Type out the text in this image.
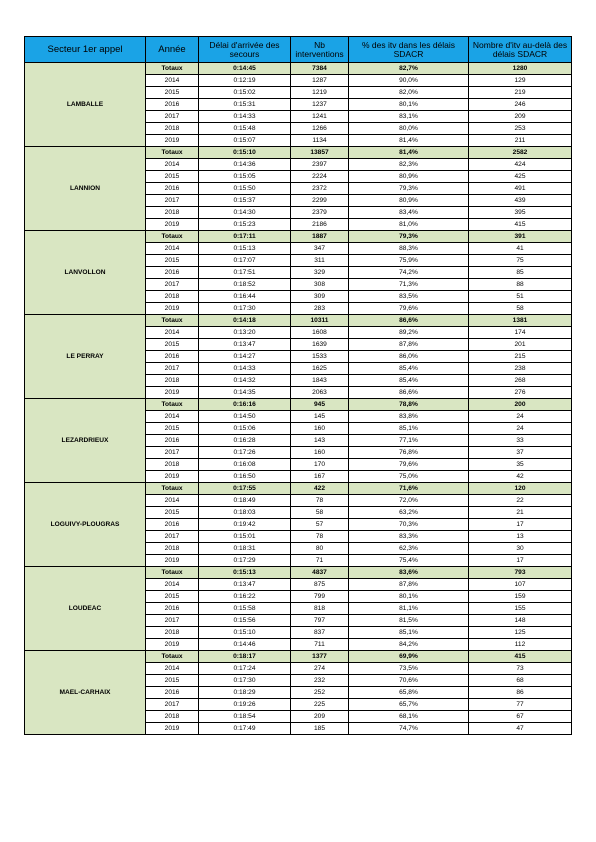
Secteur 1er appel	Année	Délai d'arrivée des secours	Nb interventions	% des itv dans les délais SDACR	Nombre d'itv au-delà des délais SDACR
LAMBALLE	Totaux	0:14:45	7384	82,7%	1280
	2014	0:12:19	1287	90,0%	129
	2015	0:15:02	1219	82,0%	219
	2016	0:15:31	1237	80,1%	246
	2017	0:14:33	1241	83,1%	209
	2018	0:15:48	1266	80,0%	253
	2019	0:15:07	1134	81,4%	211
LANNION	Totaux	0:15:10	13857	81,4%	2582
	2014	0:14:36	2397	82,3%	424
	2015	0:15:05	2224	80,9%	425
	2016	0:15:50	2372	79,3%	491
	2017	0:15:37	2299	80,9%	439
	2018	0:14:30	2379	83,4%	395
	2019	0:15:23	2186	81,0%	415
LANVOLLON	Totaux	0:17:11	1887	79,3%	391
	2014	0:15:13	347	88,3%	41
	2015	0:17:07	311	75,9%	75
	2016	0:17:51	329	74,2%	85
	2017	0:18:52	308	71,3%	88
	2018	0:16:44	309	83,5%	51
	2019	0:17:30	283	79,6%	58
LE PERRAY	Totaux	0:14:18	10311	86,6%	1381
	2014	0:13:20	1608	89,2%	174
	2015	0:13:47	1639	87,8%	201
	2016	0:14:27	1533	86,0%	215
	2017	0:14:33	1625	85,4%	238
	2018	0:14:32	1843	85,4%	268
	2019	0:14:35	2063	86,6%	276
LEZARDRIEUX	Totaux	0:16:16	945	78,8%	200
	2014	0:14:50	145	83,8%	24
	2015	0:15:06	160	85,1%	24
	2016	0:16:28	143	77,1%	33
	2017	0:17:26	160	76,8%	37
	2018	0:16:08	170	79,6%	35
	2019	0:16:50	167	75,0%	42
LOGUIVY-PLOUGRAS	Totaux	0:17:55	422	71,6%	120
	2014	0:18:49	78	72,0%	22
	2015	0:18:03	58	63,2%	21
	2016	0:19:42	57	70,3%	17
	2017	0:15:01	78	83,3%	13
	2018	0:18:31	80	62,3%	30
	2019	0:17:29	71	75,4%	17
LOUDEAC	Totaux	0:15:13	4837	83,6%	793
	2014	0:13:47	875	87,8%	107
	2015	0:16:22	799	80,1%	159
	2016	0:15:58	818	81,1%	155
	2017	0:15:56	797	81,5%	148
	2018	0:15:10	837	85,1%	125
	2019	0:14:46	711	84,2%	112
MAEL-CARHAIX	Totaux	0:18:17	1377	69,9%	415
	2014	0:17:24	274	73,5%	73
	2015	0:17:30	232	70,6%	68
	2016	0:18:29	252	65,8%	86
	2017	0:19:26	225	65,7%	77
	2018	0:18:54	209	68,1%	67
	2019	0:17:49	185	74,7%	47
